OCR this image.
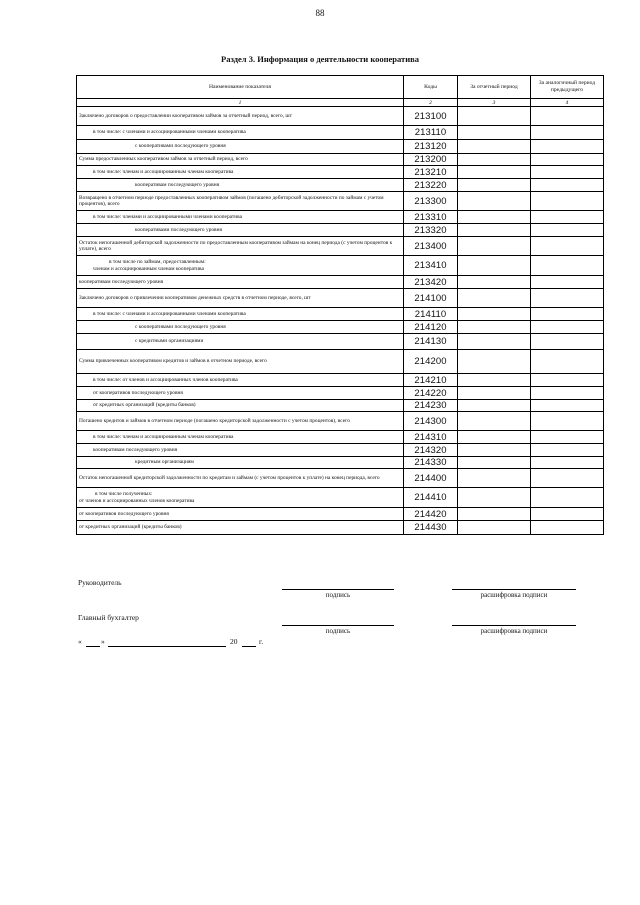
88
Раздел 3. Информация о деятельности кооператива
Наименование показателя	Коды	За отчетный период	За аналогичный период предыдущего
1	2	3	4
Заключено договоров о предоставлении кооперативом займов за отчетный период, всего, шт	213100		
в том числе: с членами и ассоциированными членами кооператива	213110		
с кооперативами последующего уровня	213120		
Сумма предоставленных кооперативом займов за отчетный период, всего	213200		
в том числе: членам и ассоциированным членам кооператива	213210		
кооперативам последующего уровня	213220		
Возвращено в отчетном периоде предоставленных кооперативом займов (погашено дебиторской задолженности по займам с учетом процентов), всего	213300		
в том числе: членами и ассоциированными членами кооператива	213310		
кооперативами последующего уровня	213320		
Остаток непогашенной дебиторской задолженности по предоставленным кооперативом займам на конец периода (с учетом процентов к уплате), всего	213400		

в том числе по займам, предоставленным:
членам и ассоциированным членам кооператива	213410		
кооперативам последующего уровня	213420		
Заключено договоров о привлечении кооперативом денежных средств в отчетном периоде, всего, шт	214100		
в том числе: с членами и ассоциированными членами кооператива	214110		
с кооперативами последующего уровня	214120		
с кредитными организациями	214130		
Сумма привлеченных кооперативом кредитов и займов в отчетном периоде, всего	214200		
в том числе: от членов и ассоциированных членов кооператива	214210		
от кооперативов последующего уровня	214220		
от кредитных организаций (кредиты банков)	214230		
Погашено кредитов и займов в отчетном периоде (погашено кредиторской задолженности с учетом процентов), всего	214300		
в том числе: членам и ассоциированным членам кооператива	214310		
кооперативам последующего уровня	214320		
кредитным организациям	214330		
Остаток непогашенной кредиторской задолженности по кредитам и займам (с учетом процентов к уплате) на конец периода, всего	214400		

в том числе полученных:
от членов и ассоциированных членов кооператива	214410		
от кооперативов последующего уровня	214420		
от кредитных организаций (кредиты банков)	214430		
Руководитель
подпись	расшифровка подписи
Главный бухгалтер
подпись	расшифровка подписи
«	»	20	г.
